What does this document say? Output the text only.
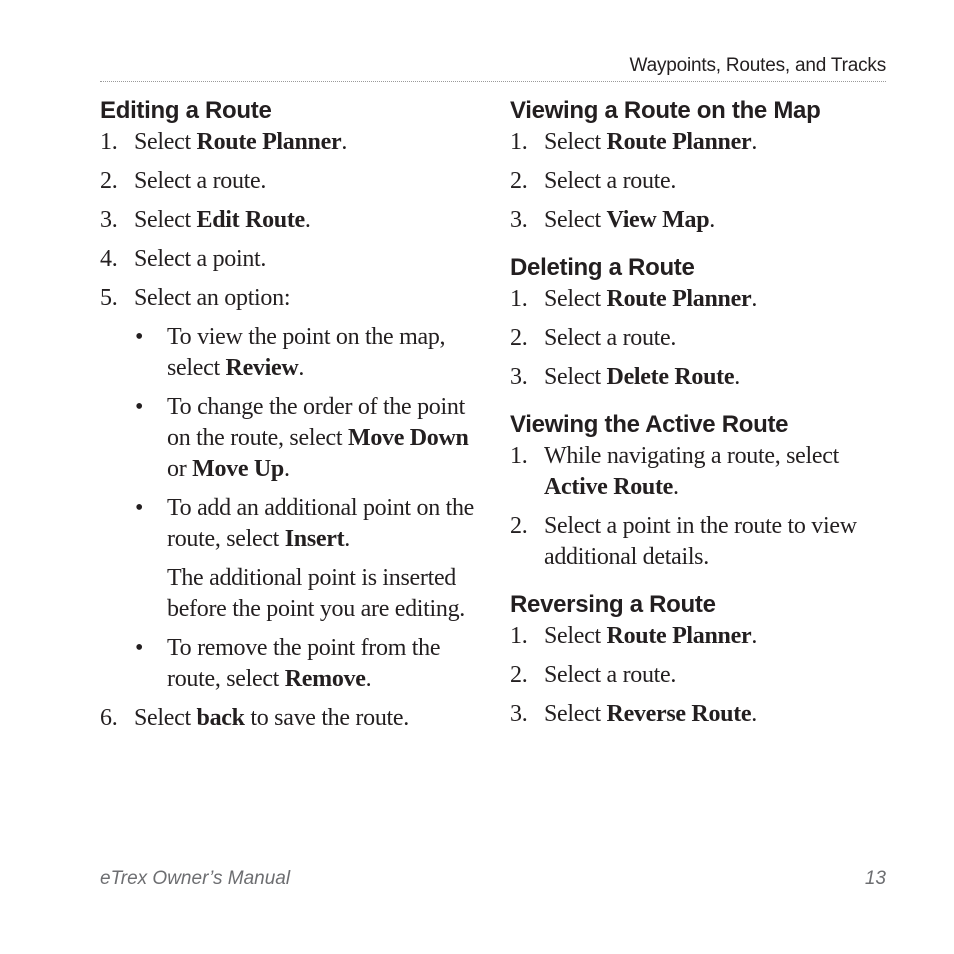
Waypoints, Routes, and Tracks
Editing a Route
1. Select Route Planner.
2. Select a route.
3. Select Edit Route.
4. Select a point.
5. Select an option:
• To view the point on the map, select Review.
• To change the order of the point on the route, select Move Down or Move Up.
• To add an additional point on the route, select Insert.
The additional point is inserted before the point you are editing.
• To remove the point from the route, select Remove.
6. Select back to save the route.
Viewing a Route on the Map
1. Select Route Planner.
2. Select a route.
3. Select View Map.
Deleting a Route
1. Select Route Planner.
2. Select a route.
3. Select Delete Route.
Viewing the Active Route
1. While navigating a route, select Active Route.
2. Select a point in the route to view additional details.
Reversing a Route
1. Select Route Planner.
2. Select a route.
3. Select Reverse Route.
eTrex Owner’s Manual	13
